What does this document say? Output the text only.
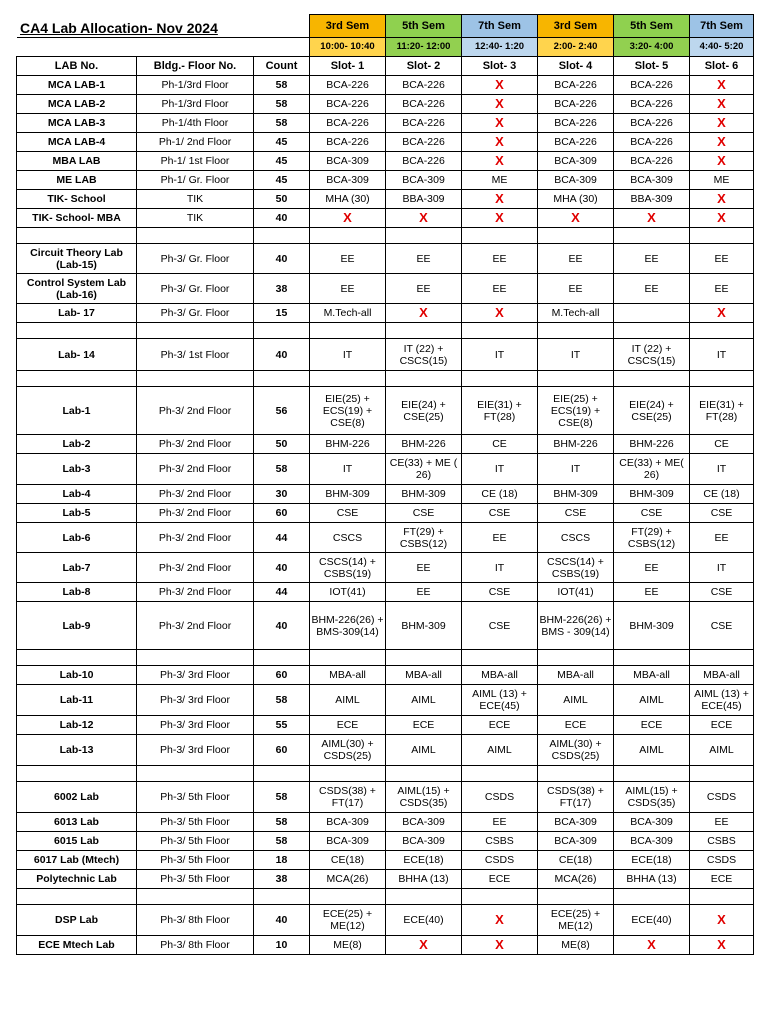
CA4 Lab Allocation- Nov 2024
			3rd Sem	5th Sem	7th Sem	3rd Sem	5th Sem	7th Sem
			10:00- 10:40	11:20- 12:00	12:40- 1:20	2:00- 2:40	3:20- 4:00	4:40- 5:20
LAB No.	Bldg.- Floor No.	Count	Slot- 1	Slot- 2	Slot- 3	Slot- 4	Slot- 5	Slot- 6
MCA LAB-1	Ph-1/3rd Floor	58	BCA-226	BCA-226	X	BCA-226	BCA-226	X
MCA LAB-2	Ph-1/3rd Floor	58	BCA-226	BCA-226	X	BCA-226	BCA-226	X
MCA LAB-3	Ph-1/4th Floor	58	BCA-226	BCA-226	X	BCA-226	BCA-226	X
MCA LAB-4	Ph-1/ 2nd Floor	45	BCA-226	BCA-226	X	BCA-226	BCA-226	X
MBA LAB	Ph-1/ 1st Floor	45	BCA-309	BCA-226	X	BCA-309	BCA-226	X
ME LAB	Ph-1/ Gr. Floor	45	BCA-309	BCA-309	ME	BCA-309	BCA-309	ME
TIK- School	TIK	50	MHA (30)	BBA-309	X	MHA (30)	BBA-309	X
TIK- School- MBA	TIK	40	X	X	X	X	X	X

Circuit Theory Lab (Lab-15)	Ph-3/ Gr. Floor	40	EE	EE	EE	EE	EE	EE
Control System Lab (Lab-16)	Ph-3/ Gr. Floor	38	EE	EE	EE	EE	EE	EE
Lab- 17	Ph-3/ Gr. Floor	15	M.Tech-all	X	X	M.Tech-all		X

Lab- 14	Ph-3/ 1st Floor	40	IT	IT (22) + CSCS(15)	IT	IT	IT (22) + CSCS(15)	IT

Lab-1	Ph-3/ 2nd Floor	56	EIE(25) + ECS(19) + CSE(8)	EIE(24) + CSE(25)	EIE(31) + FT(28)	EIE(25) + ECS(19) + CSE(8)	EIE(24) + CSE(25)	EIE(31) + FT(28)
Lab-2	Ph-3/ 2nd Floor	50	BHM-226	BHM-226	CE	BHM-226	BHM-226	CE
Lab-3	Ph-3/ 2nd Floor	58	IT	CE(33) + ME ( 26)	IT	IT	CE(33) + ME( 26)	IT
Lab-4	Ph-3/ 2nd Floor	30	BHM-309	BHM-309	CE (18)	BHM-309	BHM-309	CE (18)
Lab-5	Ph-3/ 2nd Floor	60	CSE	CSE	CSE	CSE	CSE	CSE
Lab-6	Ph-3/ 2nd Floor	44	CSCS	FT(29) + CSBS(12)	EE	CSCS	FT(29) + CSBS(12)	EE
Lab-7	Ph-3/ 2nd Floor	40	CSCS(14) + CSBS(19)	EE	IT	CSCS(14) + CSBS(19)	EE	IT
Lab-8	Ph-3/ 2nd Floor	44	IOT(41)	EE	CSE	IOT(41)	EE	CSE
Lab-9	Ph-3/ 2nd Floor	40	BHM-226(26) + BMS-309(14)	BHM-309	CSE	BHM-226(26) + BMS - 309(14)	BHM-309	CSE

Lab-10	Ph-3/ 3rd Floor	60	MBA-all	MBA-all	MBA-all	MBA-all	MBA-all	MBA-all
Lab-11	Ph-3/ 3rd Floor	58	AIML	AIML	AIML (13) + ECE(45)	AIML	AIML	AIML (13) + ECE(45)
Lab-12	Ph-3/ 3rd Floor	55	ECE	ECE	ECE	ECE	ECE	ECE
Lab-13	Ph-3/ 3rd Floor	60	AIML(30) + CSDS(25)	AIML	AIML	AIML(30) + CSDS(25)	AIML	AIML

6002 Lab	Ph-3/ 5th Floor	58	CSDS(38) + FT(17)	AIML(15) + CSDS(35)	CSDS	CSDS(38) + FT(17)	AIML(15) + CSDS(35)	CSDS
6013 Lab	Ph-3/ 5th Floor	58	BCA-309	BCA-309	EE	BCA-309	BCA-309	EE
6015 Lab	Ph-3/ 5th Floor	58	BCA-309	BCA-309	CSBS	BCA-309	BCA-309	CSBS
6017 Lab (Mtech)	Ph-3/ 5th Floor	18	CE(18)	ECE(18)	CSDS	CE(18)	ECE(18)	CSDS
Polytechnic Lab	Ph-3/ 5th Floor	38	MCA(26)	BHHA (13)	ECE	MCA(26)	BHHA (13)	ECE

DSP Lab	Ph-3/ 8th Floor	40	ECE(25) + ME(12)	ECE(40)	X	ECE(25) + ME(12)	ECE(40)	X
ECE Mtech Lab	Ph-3/ 8th Floor	10	ME(8)	X	X	ME(8)	X	X
